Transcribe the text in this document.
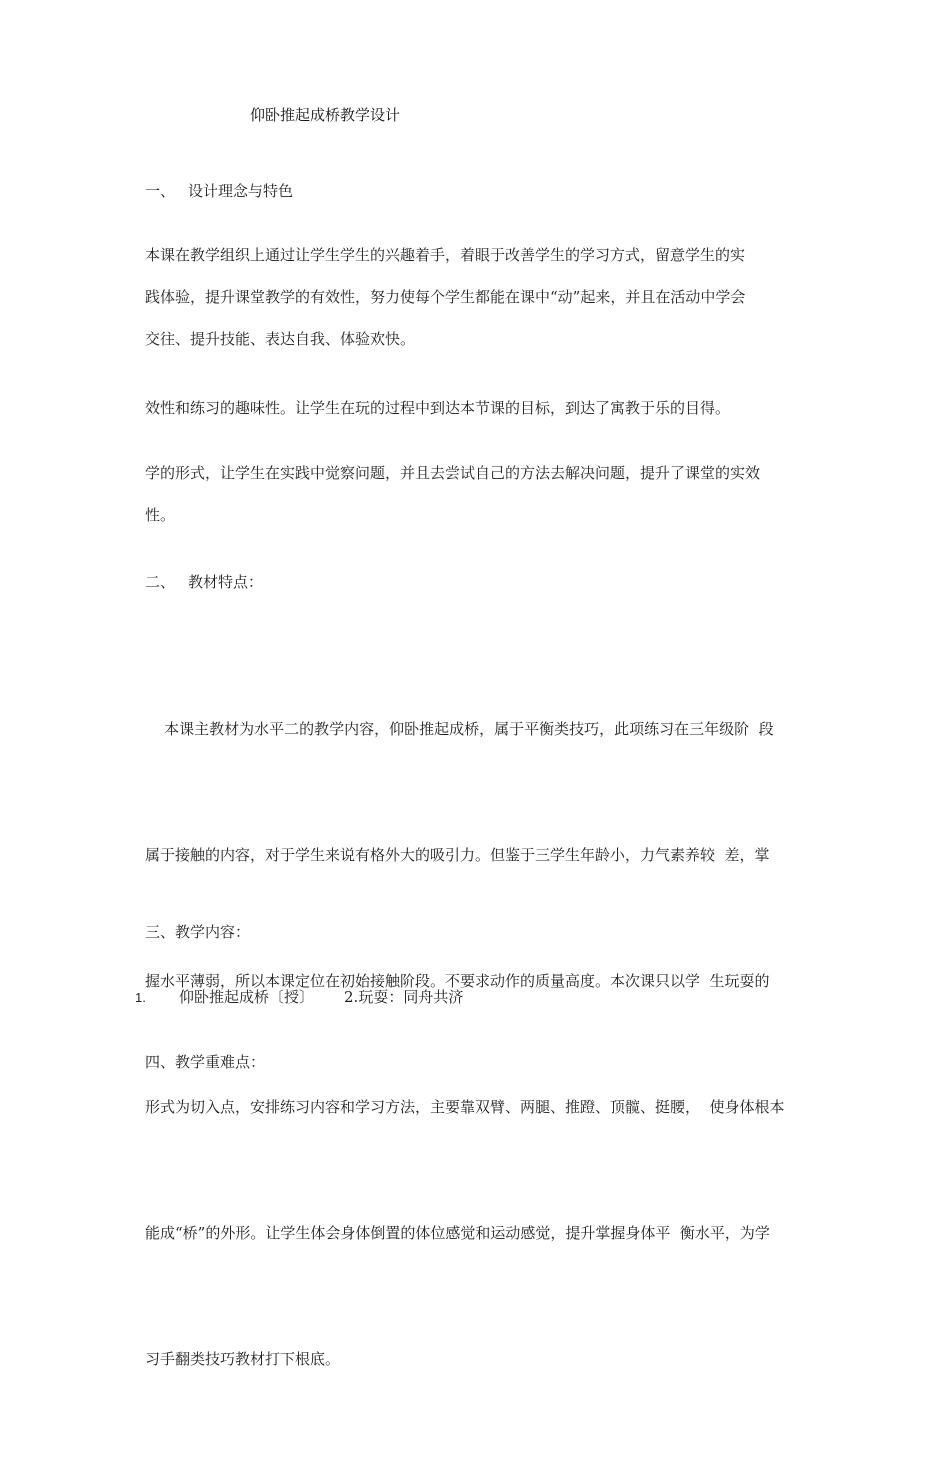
仰卧推起成桥教学设计
一、 设计理念与特色

本课在教学组织上通过让学生学生的兴趣着手，着眼于改善学生的学习方式，留意学生的实
践体验，提升课堂教学的有效性，努力使每个学生都能在课中“动”起来，并且在活动中学会
交往、提升技能、表达自我、体验欢快。

效性和练习的趣味性。让学生在玩的过程中到达本节课的目标，到达了寓教于乐的目得。

学的形式，让学生在实践中觉察问题，并且去尝试自己的方法去解决问题，提升了课堂的实效
性。

二、 教材特点：

本课主教材为水平二的教学内容，仰卧推起成桥，属于平衡类技巧，此项练习在三年级阶  段

属于接触的内容，对于学生来说有格外大的吸引力。但鉴于三学生年龄小，力气素养较  差，掌

握水平薄弱，所以本课定位在初始接触阶段。不要求动作的质量高度。本次课只以学  生玩耍的

形式为切入点，安排练习内容和学习方法，主要靠双臂、两腿、推蹬、顶髋、挺腰，  使身体根本

能成“桥”的外形。让学生体会身体倒置的体位感觉和运动感觉，提升掌握身体平  衡水平，为学

习手翻类技巧教材打下根底。

三、教学内容：
1. 仰卧推起成桥〔授〕 2.玩耍：同舟共济
四、教学重难点：
